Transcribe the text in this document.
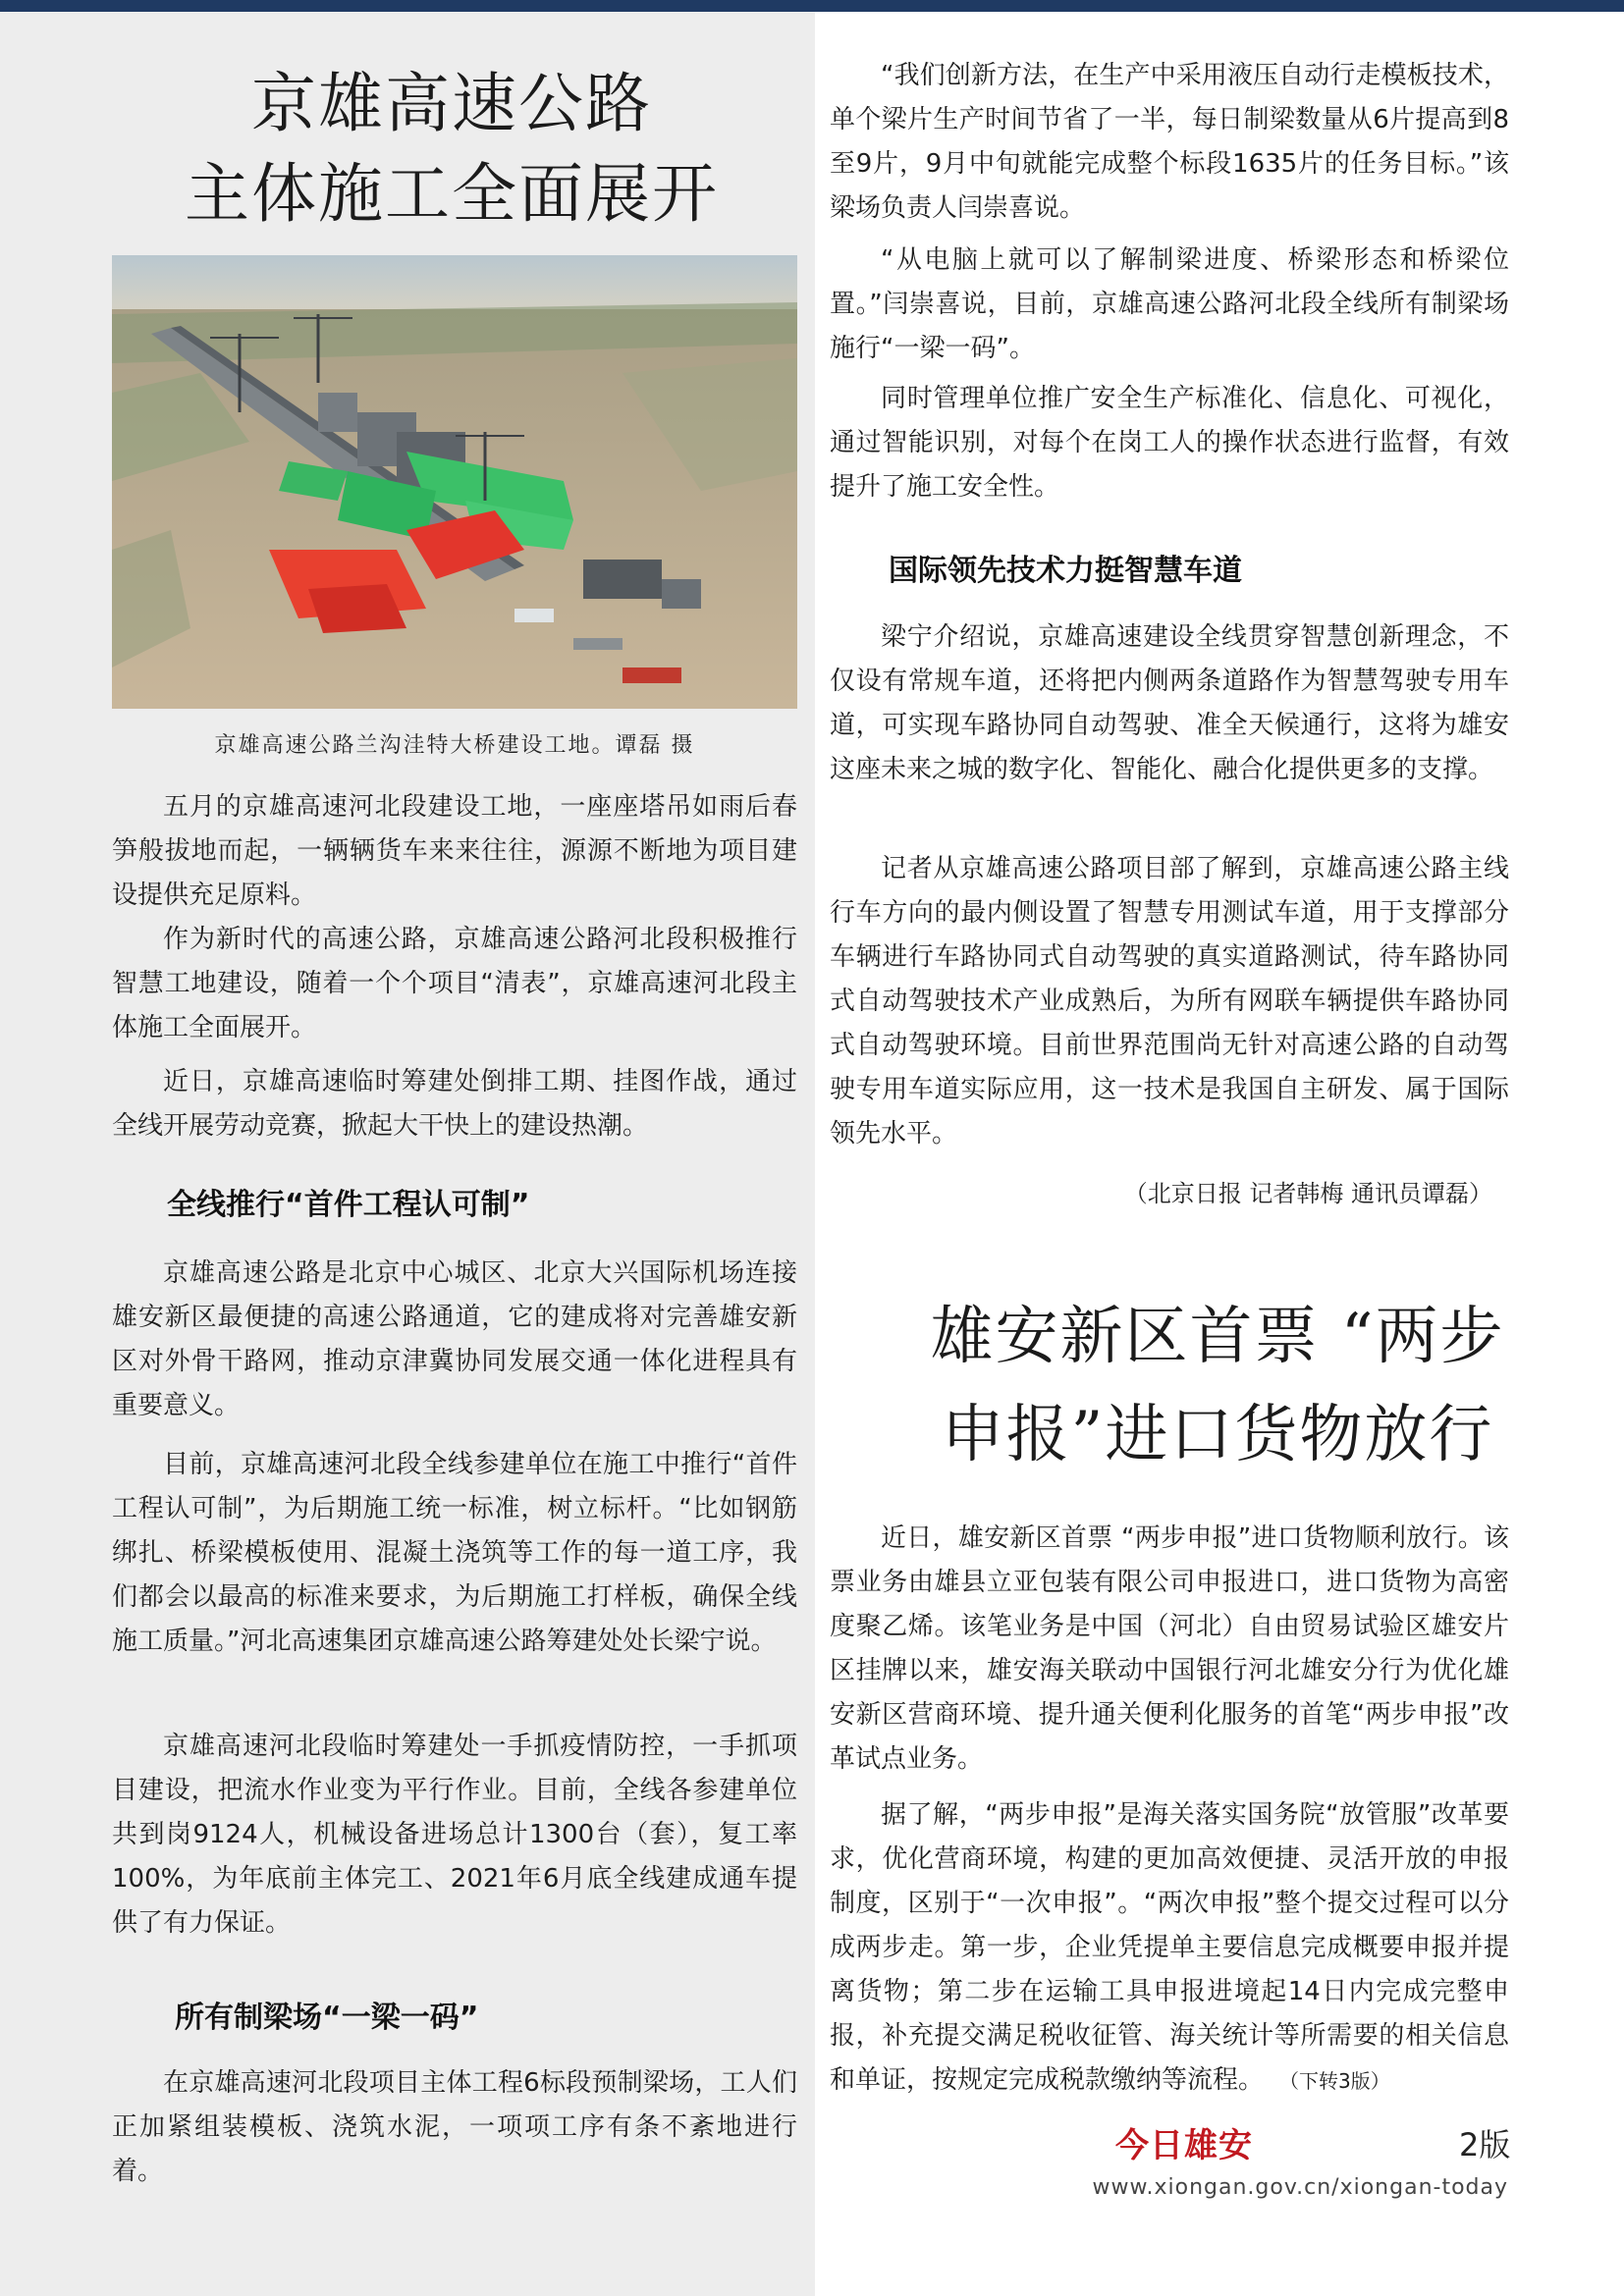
京雄高速公路
主体施工全面展开
京雄高速公路兰沟洼特大桥建设工地。谭磊 摄

五月的京雄高速河北段建设工地，一座座塔吊如雨后春笋般拔地而起，一辆辆货车来来往往，源源不断地为项目建设提供充足原料。

作为新时代的高速公路，京雄高速公路河北段积极推行智慧工地建设，随着一个个项目“清表”，京雄高速河北段主体施工全面展开。

近日，京雄高速临时筹建处倒排工期、挂图作战，通过全线开展劳动竞赛，掀起大干快上的建设热潮。

全线推行“首件工程认可制”

京雄高速公路是北京中心城区、北京大兴国际机场连接雄安新区最便捷的高速公路通道，它的建成将对完善雄安新区对外骨干路网，推动京津冀协同发展交通一体化进程具有重要意义。

目前，京雄高速河北段全线参建单位在施工中推行“首件工程认可制”，为后期施工统一标准，树立标杆。“比如钢筋绑扎、桥梁模板使用、混凝土浇筑等工作的每一道工序，我们都会以最高的标准来要求，为后期施工打样板，确保全线施工质量。”河北高速集团京雄高速公路筹建处处长梁宁说。

京雄高速河北段临时筹建处一手抓疫情防控，一手抓项目建设，把流水作业变为平行作业。目前，全线各参建单位共到岗9124人，机械设备进场总计1300台（套），复工率100%，为年底前主体完工、2021年6月底全线建成通车提供了有力保证。

所有制梁场“一梁一码”

在京雄高速河北段项目主体工程6标段预制梁场，工人们正加紧组装模板、浇筑水泥，一项项工序有条不紊地进行着。

“我们创新方法，在生产中采用液压自动行走模板技术，单个梁片生产时间节省了一半，每日制梁数量从6片提高到8至9片，9月中旬就能完成整个标段1635片的任务目标。”该梁场负责人闫崇喜说。

“从电脑上就可以了解制梁进度、桥梁形态和桥梁位置。”闫崇喜说，目前，京雄高速公路河北段全线所有制梁场施行“一梁一码”。

同时管理单位推广安全生产标准化、信息化、可视化，通过智能识别，对每个在岗工人的操作状态进行监督，有效提升了施工安全性。

国际领先技术力挺智慧车道

梁宁介绍说，京雄高速建设全线贯穿智慧创新理念，不仅设有常规车道，还将把内侧两条道路作为智慧驾驶专用车道，可实现车路协同自动驾驶、准全天候通行，这将为雄安这座未来之城的数字化、智能化、融合化提供更多的支撑。

记者从京雄高速公路项目部了解到，京雄高速公路主线行车方向的最内侧设置了智慧专用测试车道，用于支撑部分车辆进行车路协同式自动驾驶的真实道路测试，待车路协同式自动驾驶技术产业成熟后，为所有网联车辆提供车路协同式自动驾驶环境。目前世界范围尚无针对高速公路的自动驾驶专用车道实际应用，这一技术是我国自主研发、属于国际领先水平。

（北京日报 记者韩梅 通讯员谭磊）
雄安新区首票 “两步
申报”进口货物放行

近日，雄安新区首票 “两步申报”进口货物顺利放行。该票业务由雄县立亚包装有限公司申报进口，进口货物为高密度聚乙烯。该笔业务是中国（河北）自由贸易试验区雄安片区挂牌以来，雄安海关联动中国银行河北雄安分行为优化雄安新区营商环境、提升通关便利化服务的首笔“两步申报”改革试点业务。

据了解，“两步申报”是海关落实国务院“放管服”改革要求，优化营商环境，构建的更加高效便捷、灵活开放的申报制度，区别于“一次申报”。“两次申报”整个提交过程可以分成两步走。第一步，企业凭提单主要信息完成概要申报并提离货物；第二步在运输工具申报进境起14日内完成完整申报，补充提交满足税收征管、海关统计等所需要的相关信息和单证，按规定完成税款缴纳等流程。 （下转3版）

今日雄安	2版
www.xiongan.gov.cn/xiongan-today
